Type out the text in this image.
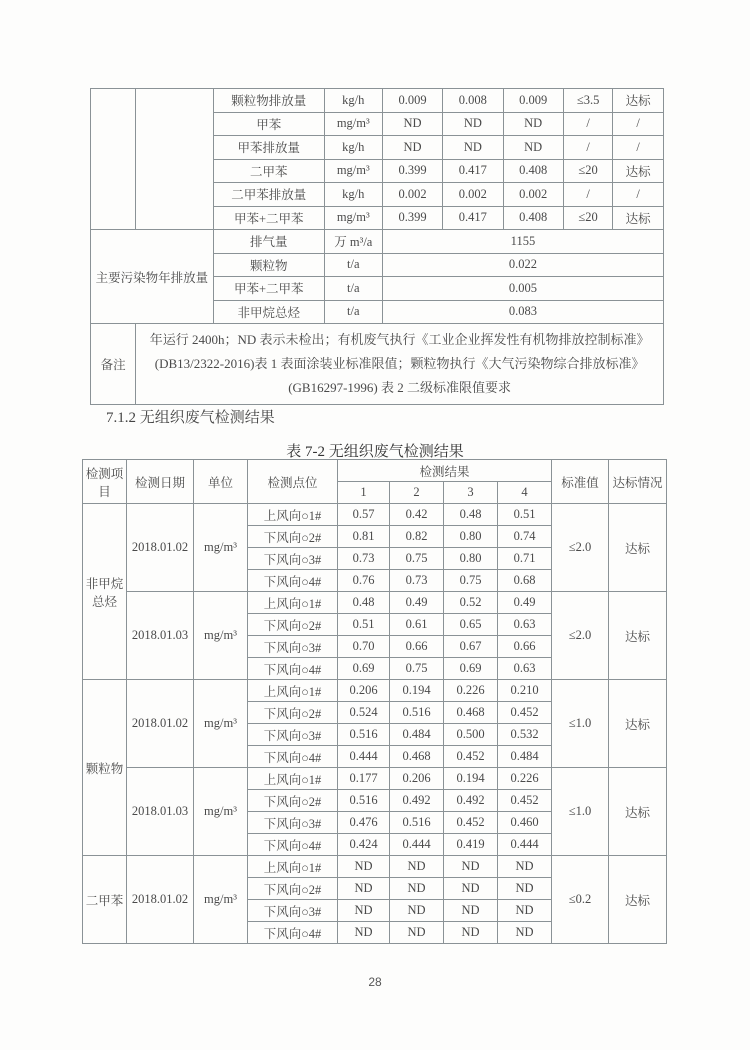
		颗粒物排放量	kg/h	0.009	0.008	0.009	≤3.5	达标
		甲苯	mg/m³	ND	ND	ND	/	/
		甲苯排放量	kg/h	ND	ND	ND	/	/
		二甲苯	mg/m³	0.399	0.417	0.408	≤20	达标
		二甲苯排放量	kg/h	0.002	0.002	0.002	/	/
		甲苯+二甲苯	mg/m³	0.399	0.417	0.408	≤20	达标
主要污染物年排放量		排气量	万 m³/a	1155				
		颗粒物	t/a	0.022				
		甲苯+二甲苯	t/a	0.005				
		非甲烷总烃	t/a	0.083				
备注	年运行 2400h；ND 表示未检出；有机废气执行《工业企业挥发性有机物排放控制标准》
(DB13/2322-2016)表 1 表面涂装业标准限值；颗粒物执行《大气污染物综合排放标准》
(GB16297-1996) 表 2 二级标准限值要求							
7.1.2 无组织废气检测结果
表 7-2 无组织废气检测结果
检测项目	检测日期	单位	检测点位	检测结果				标准值	达标情况
				1	2	3	4		
非甲烷总烃	2018.01.02	mg/m³	上风向○1#	0.57	0.42	0.48	0.51	≤2.0	达标
			下风向○2#	0.81	0.82	0.80	0.74		
			下风向○3#	0.73	0.75	0.80	0.71		
			下风向○4#	0.76	0.73	0.75	0.68		
	2018.01.03	mg/m³	上风向○1#	0.48	0.49	0.52	0.49	≤2.0	达标
			下风向○2#	0.51	0.61	0.65	0.63		
			下风向○3#	0.70	0.66	0.67	0.66		
			下风向○4#	0.69	0.75	0.69	0.63		
颗粒物	2018.01.02	mg/m³	上风向○1#	0.206	0.194	0.226	0.210	≤1.0	达标
			下风向○2#	0.524	0.516	0.468	0.452		
			下风向○3#	0.516	0.484	0.500	0.532		
			下风向○4#	0.444	0.468	0.452	0.484		
	2018.01.03	mg/m³	上风向○1#	0.177	0.206	0.194	0.226	≤1.0	达标
			下风向○2#	0.516	0.492	0.492	0.452		
			下风向○3#	0.476	0.516	0.452	0.460		
			下风向○4#	0.424	0.444	0.419	0.444		
二甲苯	2018.01.02	mg/m³	上风向○1#	ND	ND	ND	ND	≤0.2	达标
			下风向○2#	ND	ND	ND	ND		
			下风向○3#	ND	ND	ND	ND		
			下风向○4#	ND	ND	ND	ND		
28
